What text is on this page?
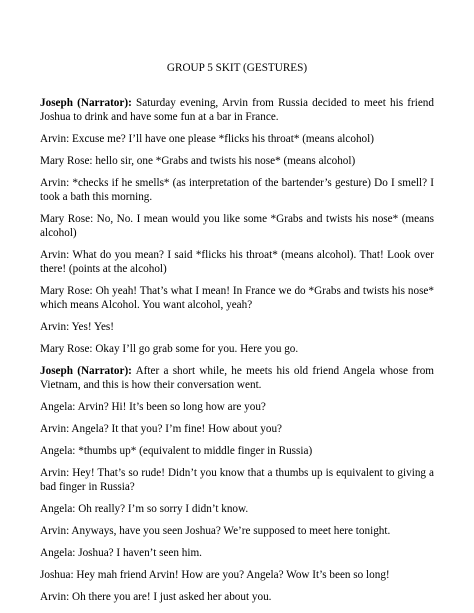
GROUP 5 SKIT (GESTURES)

Joseph (Narrator): Saturday evening, Arvin from Russia decided to meet his friend Joshua to drink and have some fun at a bar in France.

Arvin: Excuse me? I’ll have one please *flicks his throat* (means alcohol)

Mary Rose: hello sir, one *Grabs and twists his nose* (means alcohol)

Arvin: *checks if he smells* (as interpretation of the bartender’s gesture) Do I smell? I took a bath this morning.

Mary Rose: No, No. I mean would you like some *Grabs and twists his nose* (means alcohol)

Arvin: What do you mean? I said *flicks his throat* (means alcohol). That! Look over there! (points at the alcohol)

Mary Rose: Oh yeah! That’s what I mean! In France we do *Grabs and twists his nose* which means Alcohol. You want alcohol, yeah?

Arvin: Yes! Yes!

Mary Rose: Okay I’ll go grab some for you. Here you go.

Joseph (Narrator): After a short while, he meets his old friend Angela whose from Vietnam, and this is how their conversation went.

Angela: Arvin? Hi! It’s been so long how are you?

Arvin: Angela? It that you? I’m fine! How about you?

Angela: *thumbs up* (equivalent to middle finger in Russia)

Arvin: Hey! That’s so rude! Didn’t you know that a thumbs up is equivalent to giving a bad finger in Russia?

Angela: Oh really? I’m so sorry I didn’t know.

Arvin: Anyways, have you seen Joshua? We’re supposed to meet here tonight.

Angela: Joshua? I haven’t seen him.

Joshua: Hey mah friend Arvin! How are you? Angela? Wow It’s been so long!

Arvin: Oh there you are! I just asked her about you.
